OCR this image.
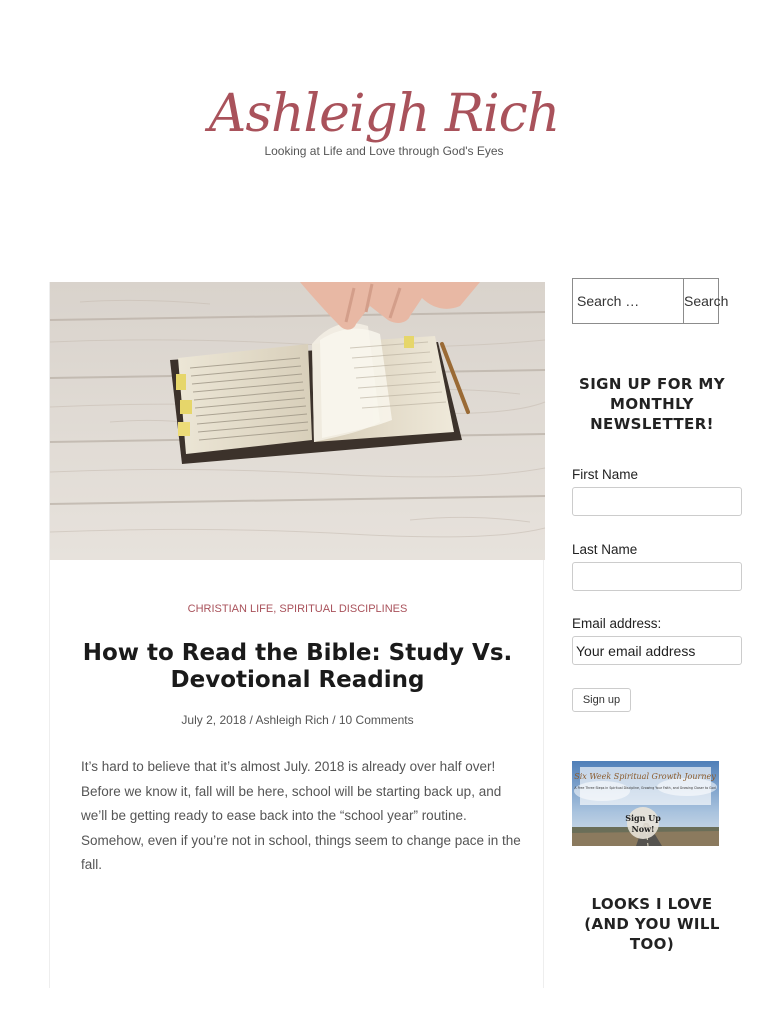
Ashleigh Rich
Looking at Life and Love through God's Eyes
CHRISTIAN LIFE, SPIRITUAL DISCIPLINES
How to Read the Bible: Study Vs. Devotional Reading
July 2, 2018 / Ashleigh Rich / 10 Comments

It’s hard to believe that it’s almost July. 2018 is already over half over! Before we know it, fall will be here, school will be starting back up, and we’ll be getting ready to ease back into the “school year” routine. Somehow, even if you’re not in school, things seem to change pace in the fall.

Search …
Search
SIGN UP FOR MY MONTHLY NEWSLETTER!
First Name
Last Name
Email address:
Your email address
Sign up
Six Week Spiritual Growth Journey
A Free Three Steps in Spiritual Discipline, Growing Your Faith, and Growing Closer to God
Sign Up
Now!
LOOKS I LOVE (AND YOU WILL TOO)
